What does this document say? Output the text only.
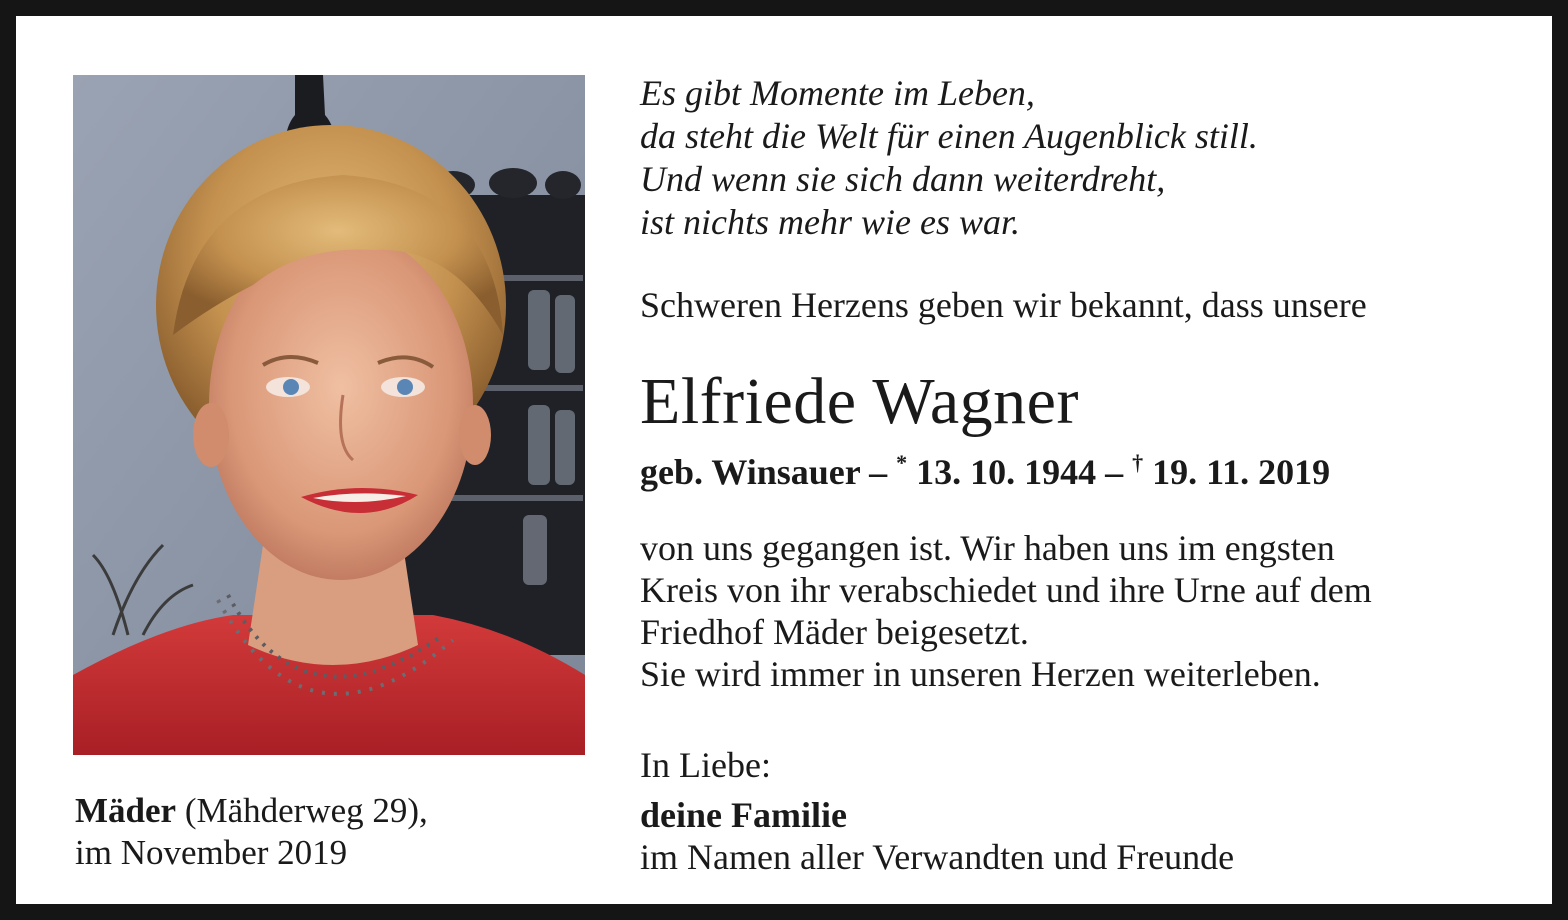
Mäder (Mähderweg 29),
im November 2019
Es gibt Momente im Leben,
da steht die Welt für einen Augenblick still.
Und wenn sie sich dann weiterdreht,
ist nichts mehr wie es war.
Schweren Herzens geben wir bekannt, dass unsere
Elfriede Wagner
geb. Winsauer – * 13. 10. 1944 – † 19. 11. 2019
von uns gegangen ist. Wir haben uns im engsten
Kreis von ihr verabschiedet und ihre Urne auf dem
Friedhof Mäder beigesetzt.
Sie wird immer in unseren Herzen weiterleben.
In Liebe:
deine Familie
im Namen aller Verwandten und Freunde
